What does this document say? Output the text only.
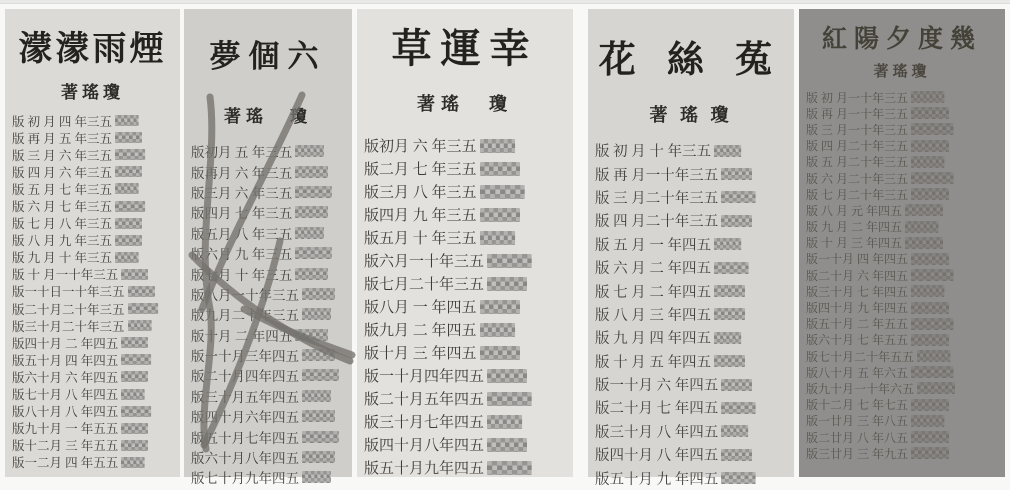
濛濛雨煙
著瑤瓊
版 初 月 四 年三五
版 再 月 五 年三五
版 三 月 六 年三五
版 四 月 六 年三五
版 五 月 七 年三五
版 六 月 七 年三五
版 七 月 八 年三五
版 八 月 九 年三五
版 九 月 十 年三五
版 十 月一十年三五
版一十日一十年三五
版二十月二十年三五
版三十月二十年三五
版四十月 二 年四五
版五十月 四 年四五
版六十月 六 年四五
版七十月 八 年四五
版八十月 八 年四五
版九十月 一 年五五
版十二月 三 年五五
版一二月 四 年五五
夢個六
著瑤　瓊
版初月 五 年三五
版再月 六 年三五
版三月 六 年三五
版四月 七 年三五
版五月 八 年三五
版六月 九 年三五
版七月 十 年三五
版八月一十年三五
版九月二十年三五
版十月 二 年四五
版一十月三年四五
版二十月四年四五
版三十月五年四五
版四十月六年四五
版五十月七年四五
版六十月八年四五
版七十月九年四五
草運幸
著瑤　瓊
版初月 六 年三五
版二月 七 年三五
版三月 八 年三五
版四月 九 年三五
版五月 十 年三五
版六月一十年三五
版七月二十年三五
版八月 一 年四五
版九月 二 年四五
版十月 三 年四五
版一十月四年四五
版二十月五年四五
版三十月七年四五
版四十月八年四五
版五十月九年四五
花 絲 菟
著 瑤 瓊
版 初 月 十 年三五
版 再 月一十年三五
版 三 月二十年三五
版 四 月二十年三五
版 五 月 一 年四五
版 六 月 二 年四五
版 七 月 二 年四五
版 八 月 三 年四五
版 九 月 四 年四五
版 十 月 五 年四五
版一十月 六 年四五
版二十月 七 年四五
版三十月 八 年四五
版四十月 八 年四五
版五十月 九 年四五
紅陽夕度幾
著瑤瓊
版 初 月一十年三五
版 再 月一十年三五
版 三 月一十年三五
版 四 月二十年三五
版 五 月二十年三五
版 六 月二十年三五
版 七 月二十年三五
版 八 月 元 年四五
版 九 月 二 年四五
版 十 月 三 年四五
版一十月 四 年四五
版二十月 六 年四五
版三十月 七 年四五
版四十月 九 年四五
版五十月 二 年五五
版六十月 七 年五五
版七十月二十年五五
版八十月 五 年六五
版九十月一十年六五
版十二月 七 年七五
版一廿月 三 年八五
版二廿月 八 年八五
版三廿月 三 年九五
